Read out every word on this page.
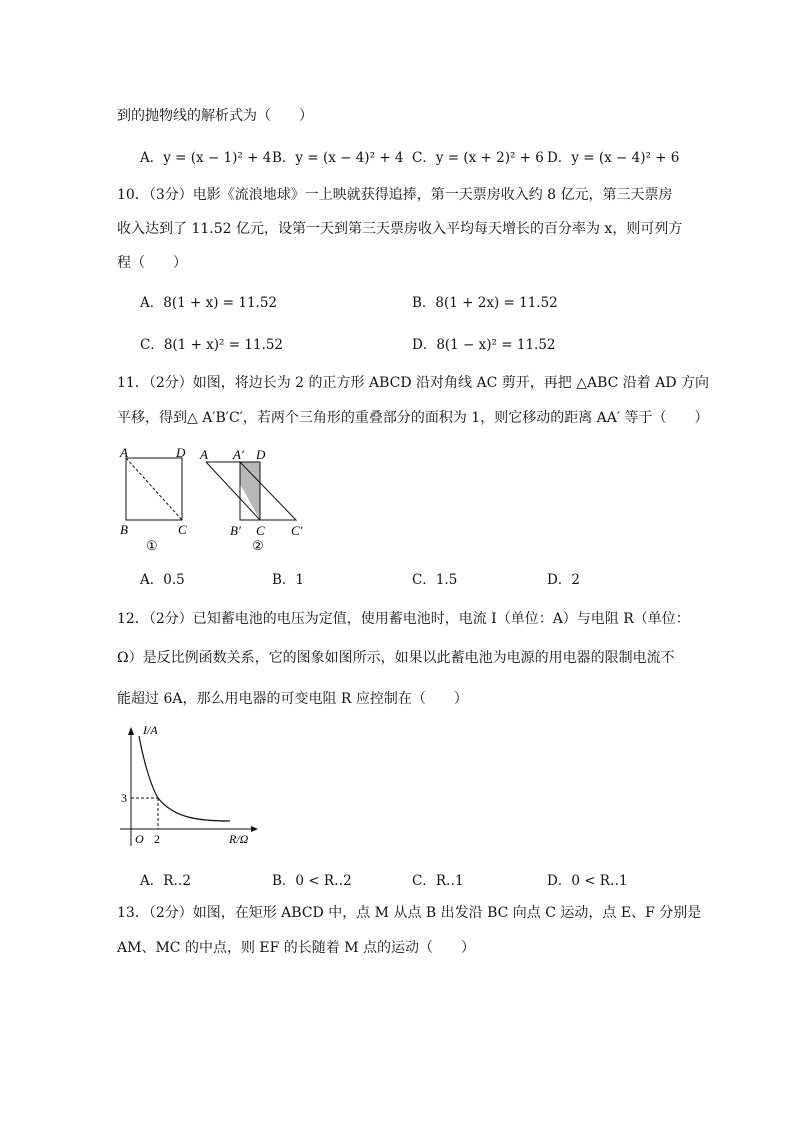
到的抛物线的解析式为（　　）
A．y = (x − 1)² + 4 B．y = (x − 4)² + 4 C．y = (x + 2)² + 6 D．y = (x − 4)² + 6
10．（3分）电影《流浪地球》一上映就获得追捧，第一天票房收入约 8 亿元，第三天票房
收入达到了 11.52 亿元，设第一天到第三天票房收入平均每天增长的百分率为 x，则可列方
程（　　）
A．8(1 + x) = 11.52	B．8(1 + 2x) = 11.52
C．8(1 + x)² = 11.52	D．8(1 − x)² = 11.52
11．（2分）如图，将边长为 2 的正方形 ABCD 沿对角线 AC 剪开，再把 △ABC 沿着 AD 方向
平移，得到△ A′B′C′，若两个三角形的重叠部分的面积为 1，则它移动的距离 AA′ 等于（　　）
A	D
B	C
①
A A′ D
B′ C C′
②
A．0.5	B．1	C．1.5	D．2
12．（2分）已知蓄电池的电压为定值，使用蓄电池时，电流 I（单位：A）与电阻 R（单位：
Ω）是反比例函数关系，它的图象如图所示，如果以此蓄电池为电源的用电器的限制电流不
能超过 6A，那么用电器的可变电阻 R 应控制在（　　）
I/A
R/Ω
O
3
2
A．R‥2	B．0 < R‥2	C．R‥1	D．0 < R‥1
13．（2分）如图，在矩形 ABCD 中，点 M 从点 B 出发沿 BC 向点 C 运动，点 E、F 分别是
AM、MC 的中点，则 EF 的长随着 M 点的运动（　　）
